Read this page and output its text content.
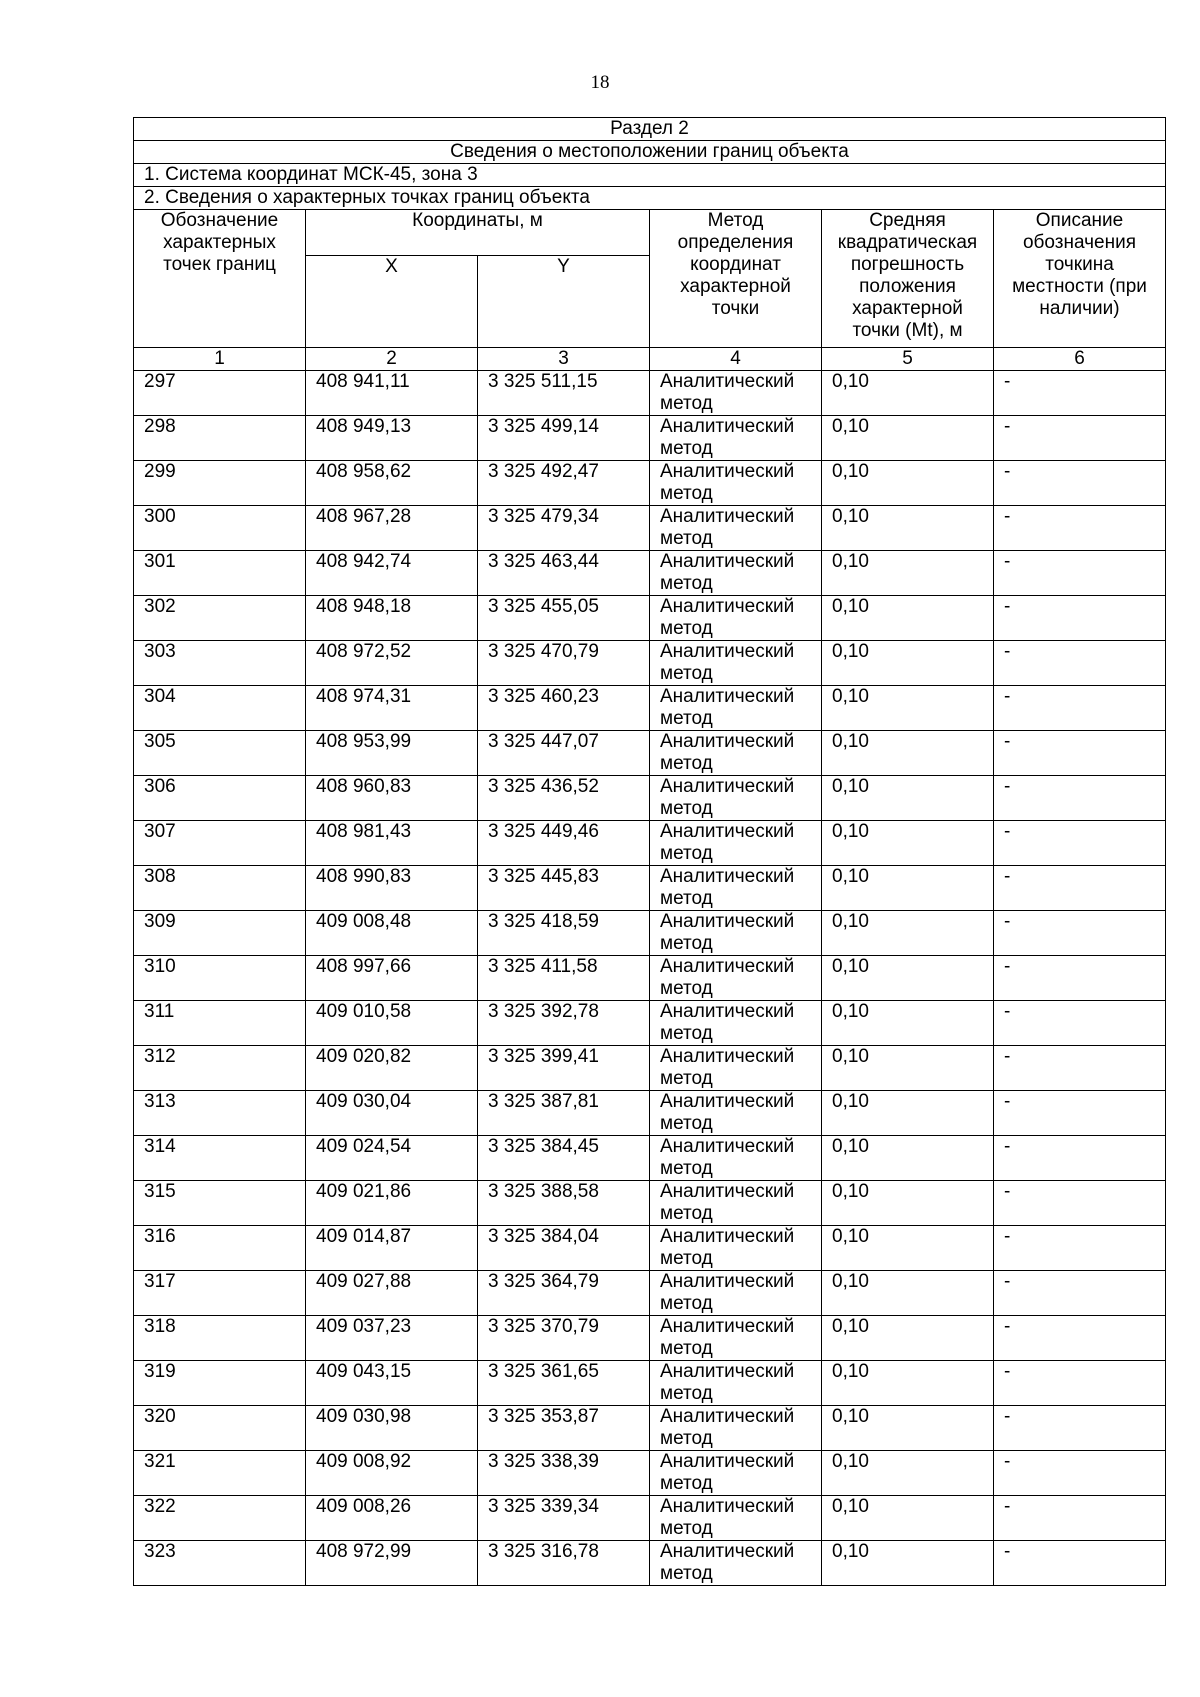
18
Раздел 2					
Сведения о местоположении границ объекта					
1. Система координат МСК-45, зона 3					
2. Сведения о характерных точках границ объекта					
Обозначение характерных точек границ	Координаты, м		Метод определения координат характерной точки	Средняя квадратическая погрешность положения характерной точки (Mt), м	Описание обозначения точкина местности (при наличии)
	X	Y			
1	2	3	4	5	6
297	408 941,11	3 325 511,15	Аналитический метод	0,10	-
298	408 949,13	3 325 499,14	Аналитический метод	0,10	-
299	408 958,62	3 325 492,47	Аналитический метод	0,10	-
300	408 967,28	3 325 479,34	Аналитический метод	0,10	-
301	408 942,74	3 325 463,44	Аналитический метод	0,10	-
302	408 948,18	3 325 455,05	Аналитический метод	0,10	-
303	408 972,52	3 325 470,79	Аналитический метод	0,10	-
304	408 974,31	3 325 460,23	Аналитический метод	0,10	-
305	408 953,99	3 325 447,07	Аналитический метод	0,10	-
306	408 960,83	3 325 436,52	Аналитический метод	0,10	-
307	408 981,43	3 325 449,46	Аналитический метод	0,10	-
308	408 990,83	3 325 445,83	Аналитический метод	0,10	-
309	409 008,48	3 325 418,59	Аналитический метод	0,10	-
310	408 997,66	3 325 411,58	Аналитический метод	0,10	-
311	409 010,58	3 325 392,78	Аналитический метод	0,10	-
312	409 020,82	3 325 399,41	Аналитический метод	0,10	-
313	409 030,04	3 325 387,81	Аналитический метод	0,10	-
314	409 024,54	3 325 384,45	Аналитический метод	0,10	-
315	409 021,86	3 325 388,58	Аналитический метод	0,10	-
316	409 014,87	3 325 384,04	Аналитический метод	0,10	-
317	409 027,88	3 325 364,79	Аналитический метод	0,10	-
318	409 037,23	3 325 370,79	Аналитический метод	0,10	-
319	409 043,15	3 325 361,65	Аналитический метод	0,10	-
320	409 030,98	3 325 353,87	Аналитический метод	0,10	-
321	409 008,92	3 325 338,39	Аналитический метод	0,10	-
322	409 008,26	3 325 339,34	Аналитический метод	0,10	-
323	408 972,99	3 325 316,78	Аналитический метод	0,10	-
